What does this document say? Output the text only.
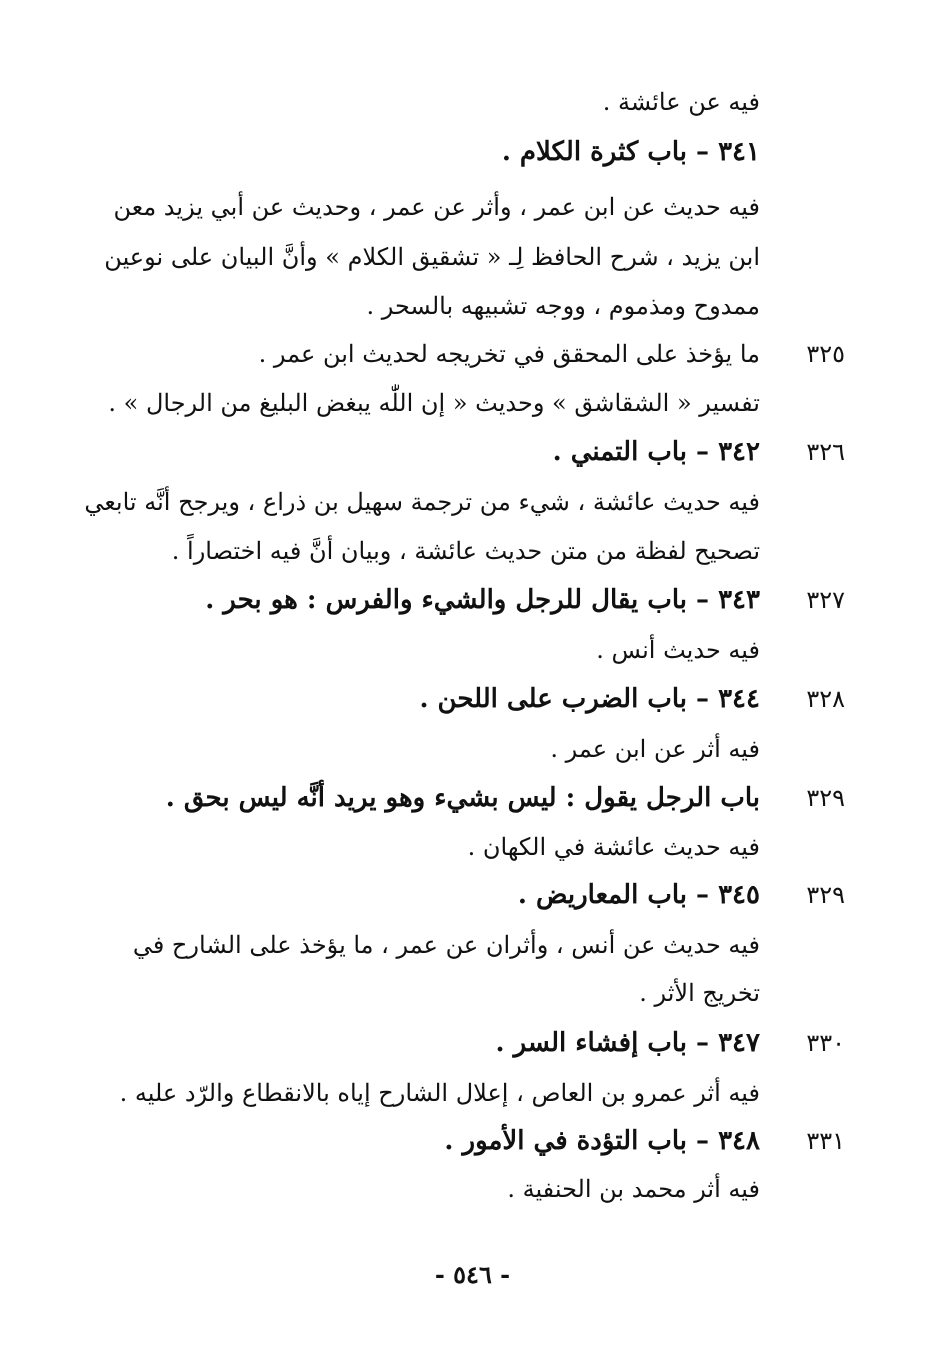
فيه عن عائشة .
٣٤١ – باب كثرة الكلام .
فيه حديث عن ابن عمر ، وأثر عن عمر ، وحديث عن أبي يزيد معن
ابن يزيد ، شرح الحافظ لِـ « تشقيق الكلام » وأنَّ البيان على نوعين
ممدوح ومذموم ، ووجه تشبيهه بالسحر .
٣٢٥
ما يؤخذ على المحقق في تخريجه لحديث ابن عمر .
تفسير « الشقاشق » وحديث « إن اللّٰه يبغض البليغ من الرجال » .
٣٢٦
٣٤٢ – باب التمني .
فيه حديث عائشة ، شيء من ترجمة سهيل بن ذراع ، ويرجح أنَّه تابعي
تصحيح لفظة من متن حديث عائشة ، وبيان أنَّ فيه اختصاراً .
٣٢٧
٣٤٣ – باب يقال للرجل والشيء والفرس : هو بحر .
فيه حديث أنس .
٣٢٨
٣٤٤ – باب الضرب على اللحن .
فيه أثر عن ابن عمر .
٣٢٩
باب الرجل يقول : ليس بشيء وهو يريد أنَّه ليس بحق .
فيه حديث عائشة في الكهان .
٣٢٩
٣٤٥ – باب المعاريض .
فيه حديث عن أنس ، وأثران عن عمر ، ما يؤخذ على الشارح في
تخريج الأثر .
٣٣٠
٣٤٧ – باب إفشاء السر .
فيه أثر عمرو بن العاص ، إعلال الشارح إياه بالانقطاع والرّد عليه .
٣٣١
٣٤٨ – باب التؤدة في الأمور .
فيه أثر محمد بن الحنفية .
- ٥٤٦ -
